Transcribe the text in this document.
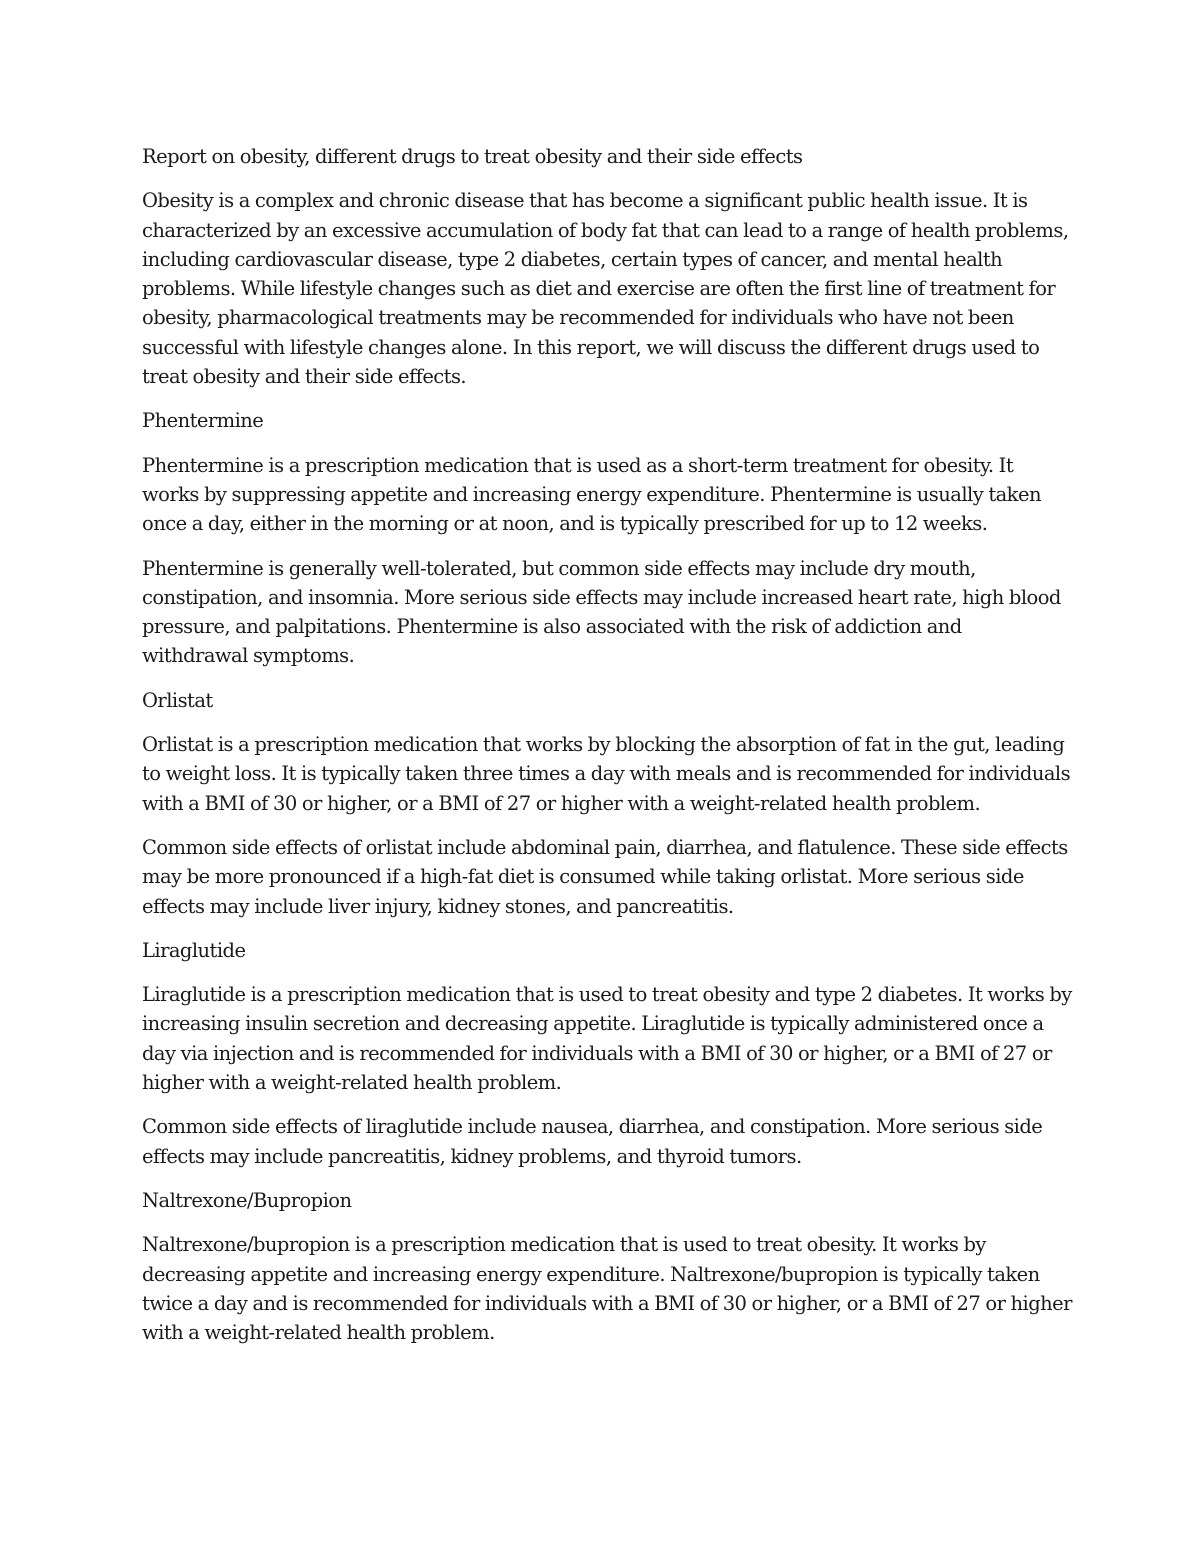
Report on obesity, different drugs to treat obesity and their side effects

Obesity is a complex and chronic disease that has become a significant public health issue. It is characterized by an excessive accumulation of body fat that can lead to a range of health problems, including cardiovascular disease, type 2 diabetes, certain types of cancer, and mental health problems. While lifestyle changes such as diet and exercise are often the first line of treatment for obesity, pharmacological treatments may be recommended for individuals who have not been successful with lifestyle changes alone. In this report, we will discuss the different drugs used to treat obesity and their side effects.

Phentermine

Phentermine is a prescription medication that is used as a short-term treatment for obesity. It works by suppressing appetite and increasing energy expenditure. Phentermine is usually taken once a day, either in the morning or at noon, and is typically prescribed for up to 12 weeks.

Phentermine is generally well-tolerated, but common side effects may include dry mouth, constipation, and insomnia. More serious side effects may include increased heart rate, high blood pressure, and palpitations. Phentermine is also associated with the risk of addiction and withdrawal symptoms.

Orlistat

Orlistat is a prescription medication that works by blocking the absorption of fat in the gut, leading to weight loss. It is typically taken three times a day with meals and is recommended for individuals with a BMI of 30 or higher, or a BMI of 27 or higher with a weight-related health problem.

Common side effects of orlistat include abdominal pain, diarrhea, and flatulence. These side effects may be more pronounced if a high-fat diet is consumed while taking orlistat. More serious side effects may include liver injury, kidney stones, and pancreatitis.

Liraglutide

Liraglutide is a prescription medication that is used to treat obesity and type 2 diabetes. It works by increasing insulin secretion and decreasing appetite. Liraglutide is typically administered once a day via injection and is recommended for individuals with a BMI of 30 or higher, or a BMI of 27 or higher with a weight-related health problem.

Common side effects of liraglutide include nausea, diarrhea, and constipation. More serious side effects may include pancreatitis, kidney problems, and thyroid tumors.

Naltrexone/Bupropion

Naltrexone/bupropion is a prescription medication that is used to treat obesity. It works by decreasing appetite and increasing energy expenditure. Naltrexone/bupropion is typically taken twice a day and is recommended for individuals with a BMI of 30 or higher, or a BMI of 27 or higher with a weight-related health problem.
